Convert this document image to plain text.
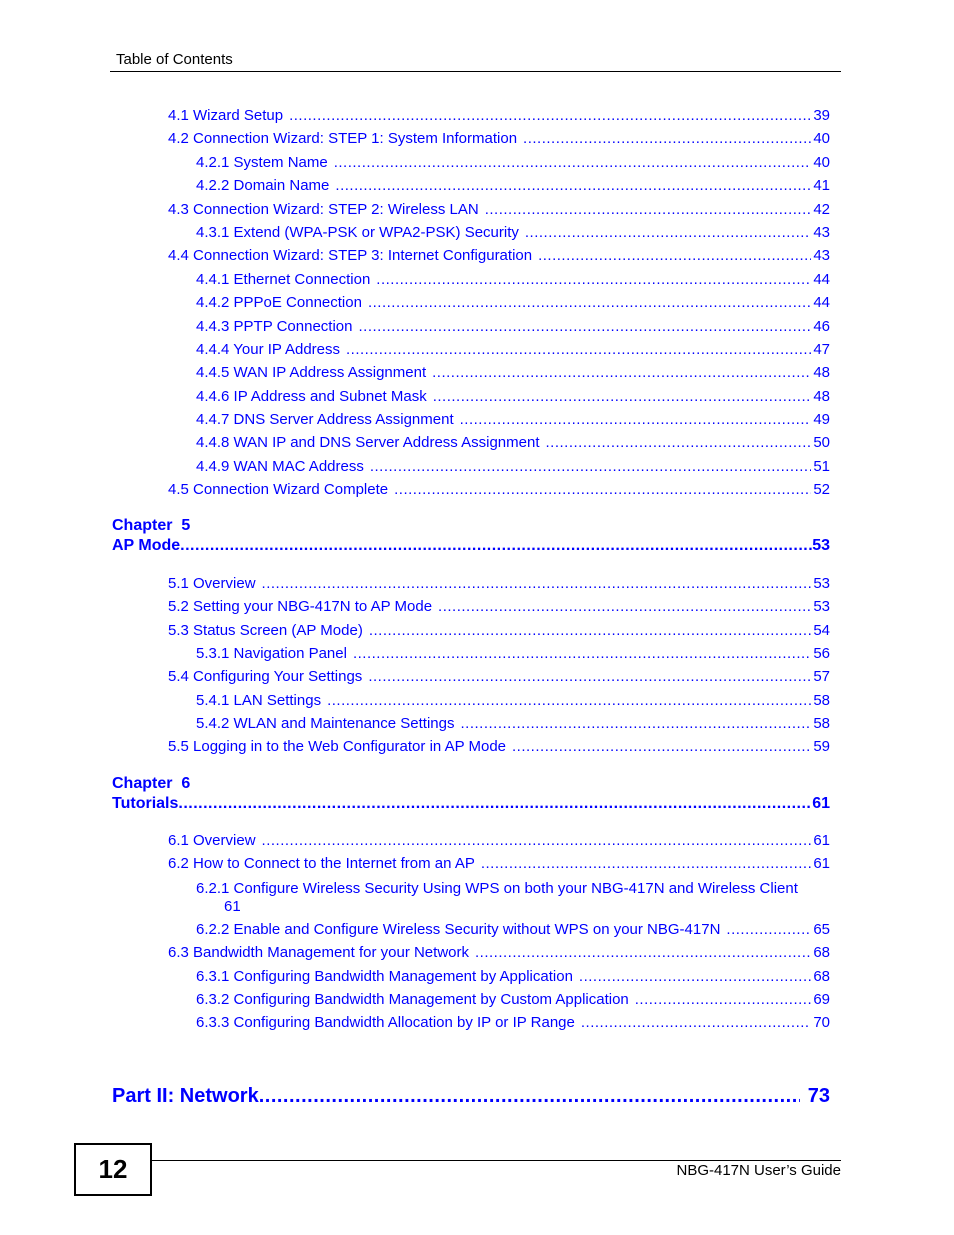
Table of Contents
4.1 Wizard Setup .....	39
4.2 Connection Wizard: STEP 1: System Information .....	40
4.2.1 System Name .....	40
4.2.2 Domain Name .....	41
4.3 Connection Wizard: STEP 2: Wireless LAN .....	42
4.3.1 Extend (WPA-PSK or WPA2-PSK) Security .....	43
4.4 Connection Wizard: STEP 3: Internet Configuration .....	43
4.4.1 Ethernet Connection .....	44
4.4.2 PPPoE Connection .....	44
4.4.3 PPTP Connection .....	46
4.4.4 Your IP Address .....	47
4.4.5 WAN IP Address Assignment .....	48
4.4.6 IP Address and Subnet Mask .....	48
4.4.7 DNS Server Address Assignment .....	49
4.4.8 WAN IP and DNS Server Address Assignment .....	50
4.4.9 WAN MAC Address .....	51
4.5 Connection Wizard Complete .....	52
Chapter  5
AP Mode .....	53
5.1 Overview .....	53
5.2 Setting your NBG-417N to AP Mode .....	53
5.3 Status Screen (AP Mode) .....	54
5.3.1 Navigation Panel .....	56
5.4 Configuring Your Settings .....	57
5.4.1 LAN Settings .....	58
5.4.2 WLAN and Maintenance Settings .....	58
5.5 Logging in to the Web Configurator in AP Mode .....	59
Chapter  6
Tutorials .....	61
6.1 Overview .....	61
6.2 How to Connect to the Internet from an AP .....	61
6.2.1 Configure Wireless Security Using WPS on both your NBG-417N and Wireless Client
61
6.2.2 Enable and Configure Wireless Security without WPS on your NBG-417N .....	65
6.3 Bandwidth Management for your Network .....	68
6.3.1 Configuring Bandwidth Management by Application .....	68
6.3.2 Configuring Bandwidth Management by Custom Application .....	69
6.3.3 Configuring Bandwidth Allocation by IP or IP Range .....	70
Part II: Network .....	73
12	NBG-417N User’s Guide
